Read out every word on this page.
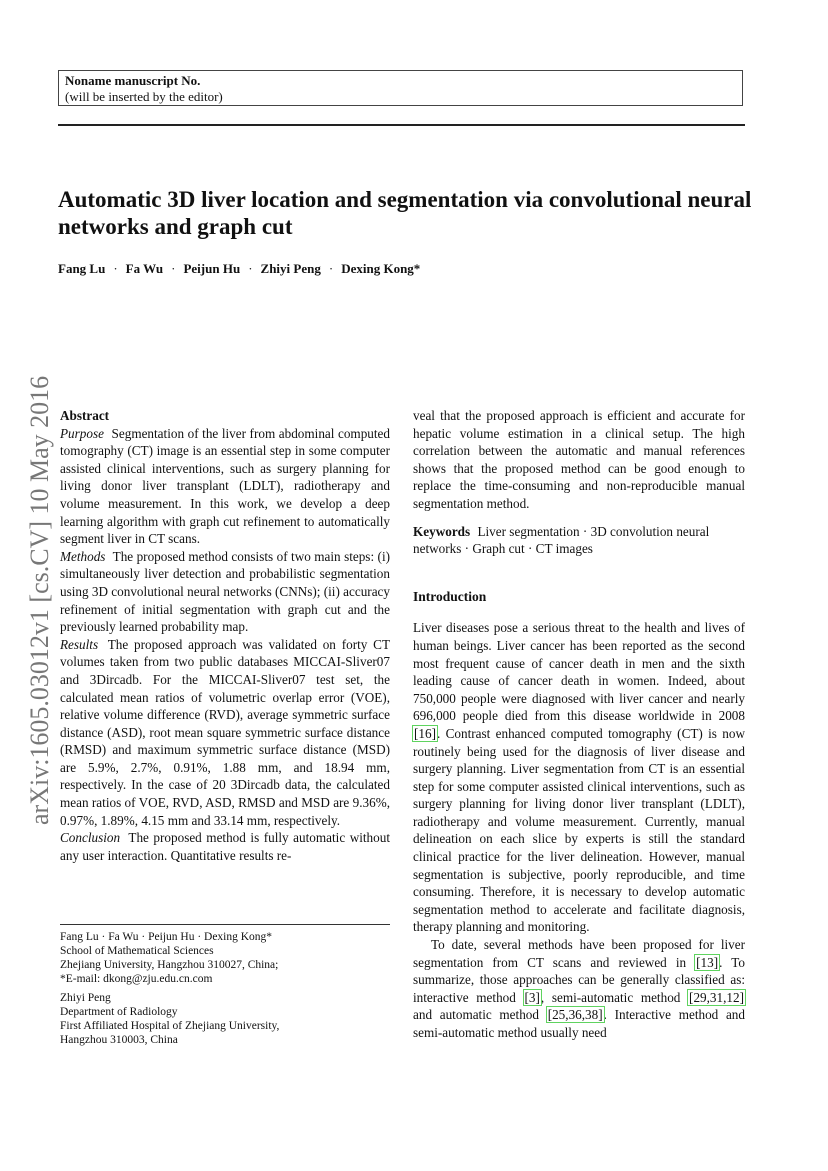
Noname manuscript No.
(will be inserted by the editor)
Automatic 3D liver location and segmentation via convolutional neural networks and graph cut
Fang Lu · Fa Wu · Peijun Hu · Zhiyi Peng · Dexing Kong*
arXiv:1605.03012v1 [cs.CV] 10 May 2016 Abstract

Purpose Segmentation of the liver from abdominal computed tomography (CT) image is an essential step in some computer assisted clinical interventions, such as surgery planning for living donor liver transplant (LDLT), radiotherapy and volume measurement. In this work, we develop a deep learning algorithm with graph cut refinement to automatically segment liver in CT scans.

Methods The proposed method consists of two main steps: (i) simultaneously liver detection and probabilistic segmentation using 3D convolutional neural networks (CNNs); (ii) accuracy refinement of initial segmentation with graph cut and the previously learned probability map.

Results The proposed approach was validated on forty CT volumes taken from two public databases MICCAI-Sliver07 and 3Dircadb. For the MICCAI-Sliver07 test set, the calculated mean ratios of volumetric overlap error (VOE), relative volume difference (RVD), average symmetric surface distance (ASD), root mean square symmetric surface distance (RMSD) and maximum symmetric surface distance (MSD) are 5.9%, 2.7%, 0.91%, 1.88 mm, and 18.94 mm, respectively. In the case of 20 3Dircadb data, the calculated mean ratios of VOE, RVD, ASD, RMSD and MSD are 9.36%, 0.97%, 1.89%, 4.15 mm and 33.14 mm, respectively.

Conclusion The proposed method is fully automatic without any user interaction. Quantitative results re-

Fang Lu · Fa Wu · Peijun Hu · Dexing Kong*

School of Mathematical Sciences

Zhejiang University, Hangzhou 310027, China;

*E-mail: dkong@zju.edu.cn.com

Zhiyi Peng

Department of Radiology

First Affiliated Hospital of Zhejiang University,

Hangzhou 310003, China

veal that the proposed approach is efficient and accurate for hepatic volume estimation in a clinical setup. The high correlation between the automatic and manual references shows that the proposed method can be good enough to replace the time-consuming and non-reproducible manual segmentation method.

Keywords Liver segmentation · 3D convolution neural networks · Graph cut · CT images

Introduction

Liver diseases pose a serious threat to the health and lives of human beings. Liver cancer has been reported as the second most frequent cause of cancer death in men and the sixth leading cause of cancer death in women. Indeed, about 750,000 people were diagnosed with liver cancer and nearly 696,000 people died from this disease worldwide in 2008 [16]. Contrast enhanced computed tomography (CT) is now routinely being used for the diagnosis of liver disease and surgery planning. Liver segmentation from CT is an essential step for some computer assisted clinical interventions, such as surgery planning for living donor liver transplant (LDLT), radiotherapy and volume measurement. Currently, manual delineation on each slice by experts is still the standard clinical practice for the liver delineation. However, manual segmentation is subjective, poorly reproducible, and time consuming. Therefore, it is necessary to develop automatic segmentation method to accelerate and facilitate diagnosis, therapy planning and monitoring.

To date, several methods have been proposed for liver segmentation from CT scans and reviewed in [13]. To summarize, those approaches can be generally classified as: interactive method [3], semi-automatic method [29,31,12] and automatic method [25,36,38]. Interactive method and semi-automatic method usually need
